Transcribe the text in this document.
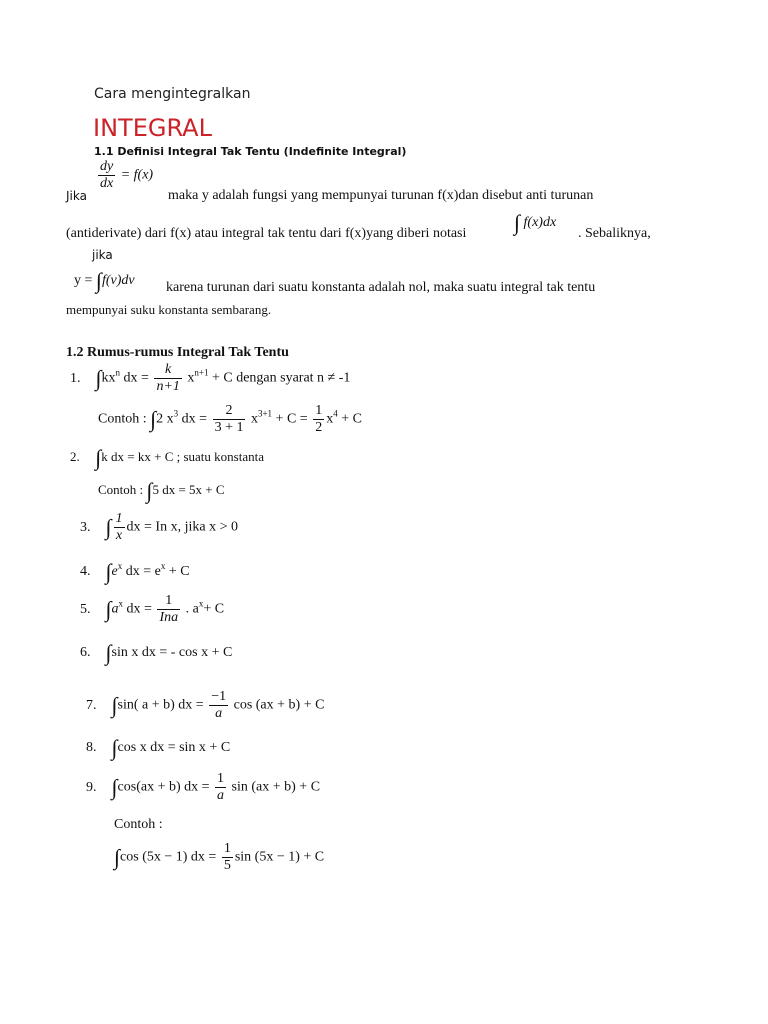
Cara mengintegralkan
INTEGRAL
1.1 Definisi Integral Tak Tentu (Indefinite Integral)
$\frac{dy}{dx} = f(x)$
Jika	maka y adalah fungsi yang mempunyai turunan f(x)dan disebut anti turunan
(antiderivate) dari f(x) atau integral tak tentu dari f(x)yang diberi notasi ∫ f(x)dx
. Sebaliknya,
jika
y = ∫f(v)dv karena turunan dari suatu konstanta adalah nol, maka suatu integral tak tentu
mempunyai suku konstanta sembarang.
1.2 Rumus-rumus Integral Tak Tentu
1. $\int kx^n$ dx = $\frac{k}{n+1} x^{n+1} + C$ dengan syarat n ≠ -1
Contoh : ∫2 $x^3$ dx = $\frac{2}{3 + 1} x^{3+1} + C = \frac{1}{2} x^4 + C$
2. ∫k dx = kx + C ; suatu konstanta
Contoh : ∫5 dx = 5x + C
3. ∫ $\frac{1}{x}$ dx = In x, jika x > 0
4. $\int e^x$ dx = $e^x + C$
5. $\int a^x$ dx = $\frac{1}{\text{Ina}}$ . $a^x+ C$
6. ∫sin x dx = - cos x + C
7. ∫sin( a + b) dx = $\frac{-1}{a}$ cos (ax + b) + C
8. ∫cos x dx = sin x + C
9. ∫cos(ax + b) dx = $\frac{1}{a}$ sin (ax + b) + C
Contoh :
∫cos (5x − 1) dx = $\frac{1}{5}$ sin (5x − 1) + C
